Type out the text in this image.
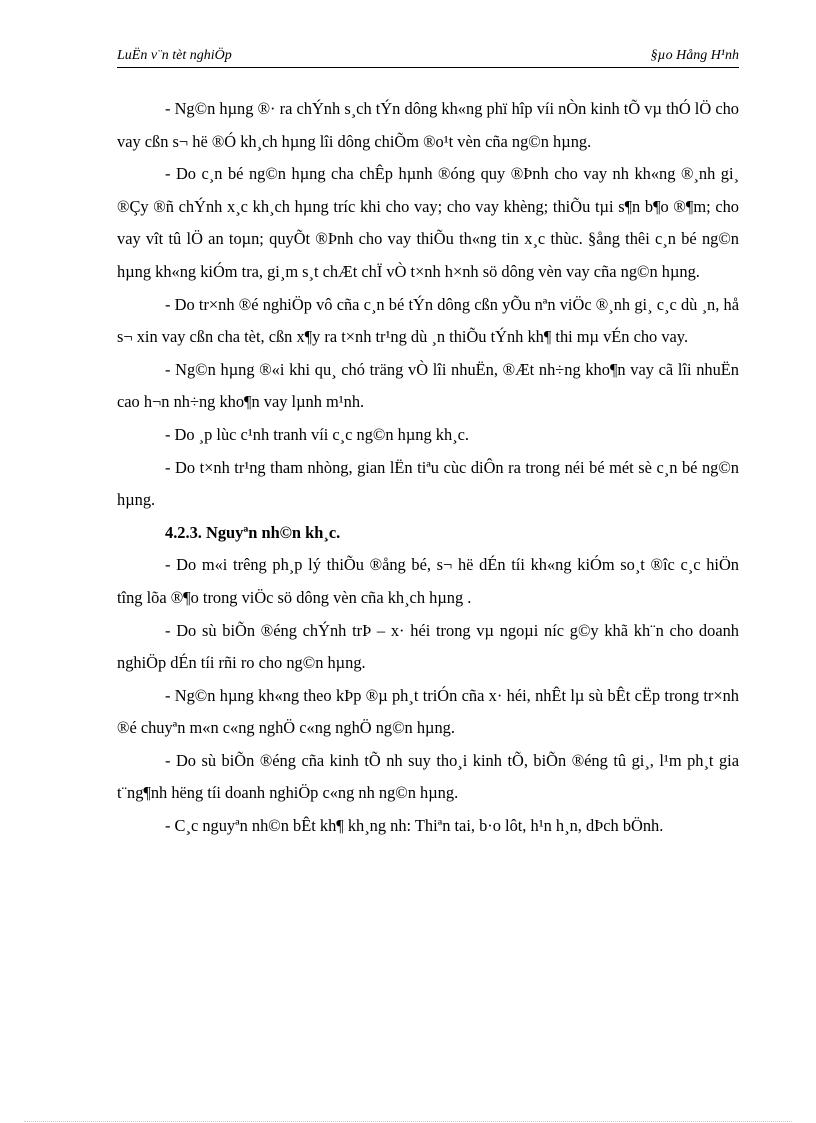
LuËn v¨n tèt nghiÖp	§µo Hång H¹nh

- Ng©n hµng ®· ra chÝnh s¸ch tÝn dông kh«ng phï hîp víi nÒn kinh tÕ vµ thÓ lÖ cho vay cßn s¬ hë ®Ó kh¸ch hµng lîi dông chiÕm ®o¹t vèn cña ng©n hµng.

- Do c¸n bé ng©n hµng cha chÊp hµnh ®óng quy ®Þnh cho vay nh kh«ng ®¸nh gi¸ ®Çy ®ñ chÝnh x¸c kh¸ch hµng tríc khi cho vay; cho vay khèng; thiÕu tµi s¶n b¶o ®¶m; cho vay vît tû lÖ an toµn; quyÕt ®Þnh cho vay thiÕu th«ng tin x¸c thùc. §ång thêi c¸n bé ng©n hµng kh«ng kiÓm tra, gi¸m s¸t chÆt chÏ vÒ t×nh h×nh sö dông vèn vay cña ng©n hµng.

- Do tr×nh ®é nghiÖp vô cña c¸n bé tÝn dông cßn yÕu nªn viÖc ®¸nh gi¸ c¸c dù ¸n, hå s¬ xin vay cßn cha tèt, cßn x¶y ra t×nh tr¹ng dù ¸n thiÕu tÝnh kh¶ thi mµ vÉn cho vay.

- Ng©n hµng ®«i khi qu¸ chó träng vÒ lîi nhuËn, ®Æt nh÷ng kho¶n vay cã lîi nhuËn cao h¬n nh÷ng kho¶n vay lµnh m¹nh.

- Do ¸p lùc c¹nh tranh víi c¸c ng©n hµng kh¸c.

- Do t×nh tr¹ng tham nhòng, gian lËn tiªu cùc diÔn ra trong néi bé mét sè c¸n bé ng©n hµng.

4.2.3. Nguyªn nh©n kh¸c.

- Do m«i trêng ph¸p lý thiÕu ®ång bé, s¬ hë dÉn tíi kh«ng kiÓm so¸t ®îc c¸c hiÖn tîng lõa ®¶o trong viÖc sö dông vèn cña kh¸ch hµng .

- Do sù biÕn ®éng chÝnh trÞ – x· héi trong vµ ngoµi níc g©y khã kh¨n cho doanh nghiÖp dÉn tíi rñi ro cho ng©n hµng.

- Ng©n hµng kh«ng theo kÞp ®µ ph¸t triÓn cña x· héi, nhÊt lµ sù bÊt cËp trong tr×nh ®é chuyªn m«n c«ng nghÖ c«ng nghÖ ng©n hµng.

- Do sù biÕn ®éng cña kinh tÕ nh suy tho¸i kinh tÕ, biÕn ®éng tû gi¸, l¹m ph¸t gia t¨ng¶nh hëng tíi doanh nghiÖp c«ng nh ng©n hµng.

- C¸c nguyªn nh©n bÊt kh¶ kh¸ng nh: Thiªn tai, b·o lôt, h¹n h¸n, dÞch bÖnh.
